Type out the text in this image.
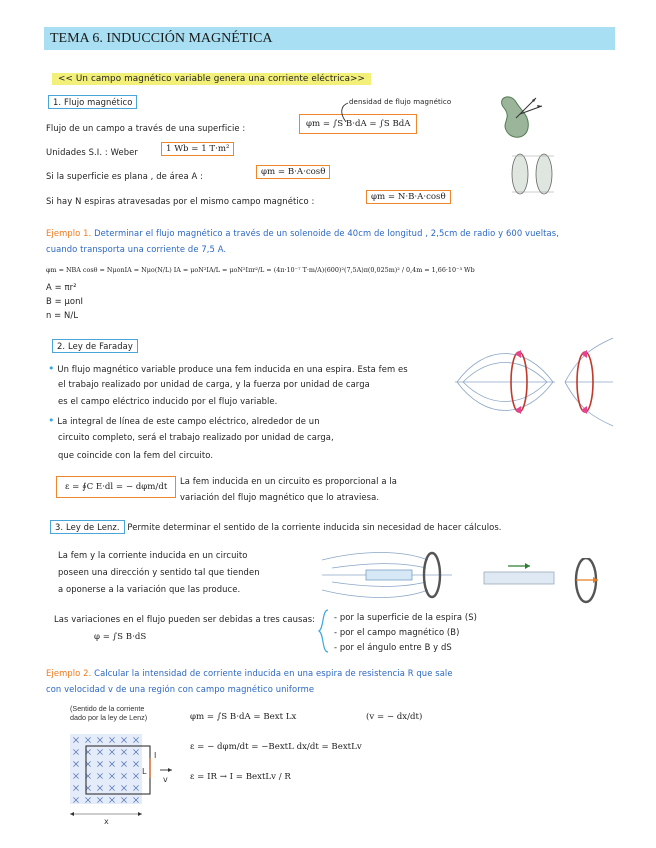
TEMA 6. INDUCCIÓN MAGNÉTICA
<< Un campo magnético variable genera una corriente eléctrica>>
1. Flujo magnético
Flujo de un campo a través de una superficie :	φm = ∫S B·dA = ∫S BdA
densidad de flujo magnético
Unidades S.I. : Weber	1 Wb = 1 T·m²
Si la superficie es plana , de área A :	φm = B·A·cosθ
Si hay N espiras atravesadas por el mismo campo magnético :	φm = N·B·A·cosθ
Ejemplo 1. Determinar el flujo magnético a través de un solenoide de 40cm de longitud , 2,5cm de radio y 600 vueltas,
cuando transporta una corriente de 7,5 A.
φm = NBA cosθ = NμonIA = Nμo(N/L) IA = μoN²IA/L = μoN²Iπr²/L = (4π·10⁻⁷ T·m/A)(600)²(7,5A)π(0,025m)² / 0,4m = 1,66·10⁻³ Wb
A = πr²
B = μonI
n = N/L
2. Ley de Faraday
• Un flujo magnético variable produce una fem inducida en una espira. Esta fem es
el trabajo realizado por unidad de carga, y la fuerza por unidad de carga
es el campo eléctrico inducido por el flujo variable.
• La integral de línea de este campo eléctrico, alrededor de un
circuito completo, será el trabajo realizado por unidad de carga,
que coincide con la fem del circuito.
ε = ∮C E·dl = − dφm/dt
La fem inducida en un circuito es proporcional a la
variación del flujo magnético que lo atraviesa.
3. Ley de Lenz. Permite determinar el sentido de la corriente inducida sin necesidad de hacer cálculos.
La fem y la corriente inducida en un circuito
poseen una dirección y sentido tal que tienden
a oponerse a la variación que las produce.
Las variaciones en el flujo pueden ser debidas a tres causas:
φ = ∫S B·dS
- por la superficie de la espira (S)
- por el campo magnético (B)
- por el ángulo entre B y dS
Ejemplo 2. Calcular la intensidad de corriente inducida en una espira de resistencia R que sale
con velocidad v de una región con campo magnético uniforme
(Sentido de la corriente
dado por la ley de Lenz)
I
L
v
x
φm = ∫S B·dA = Bext Lx	(v = − dx/dt)
ε = − dφm/dt = −BextL dx/dt = BextLv
ε = IR → I = BextLv / R
